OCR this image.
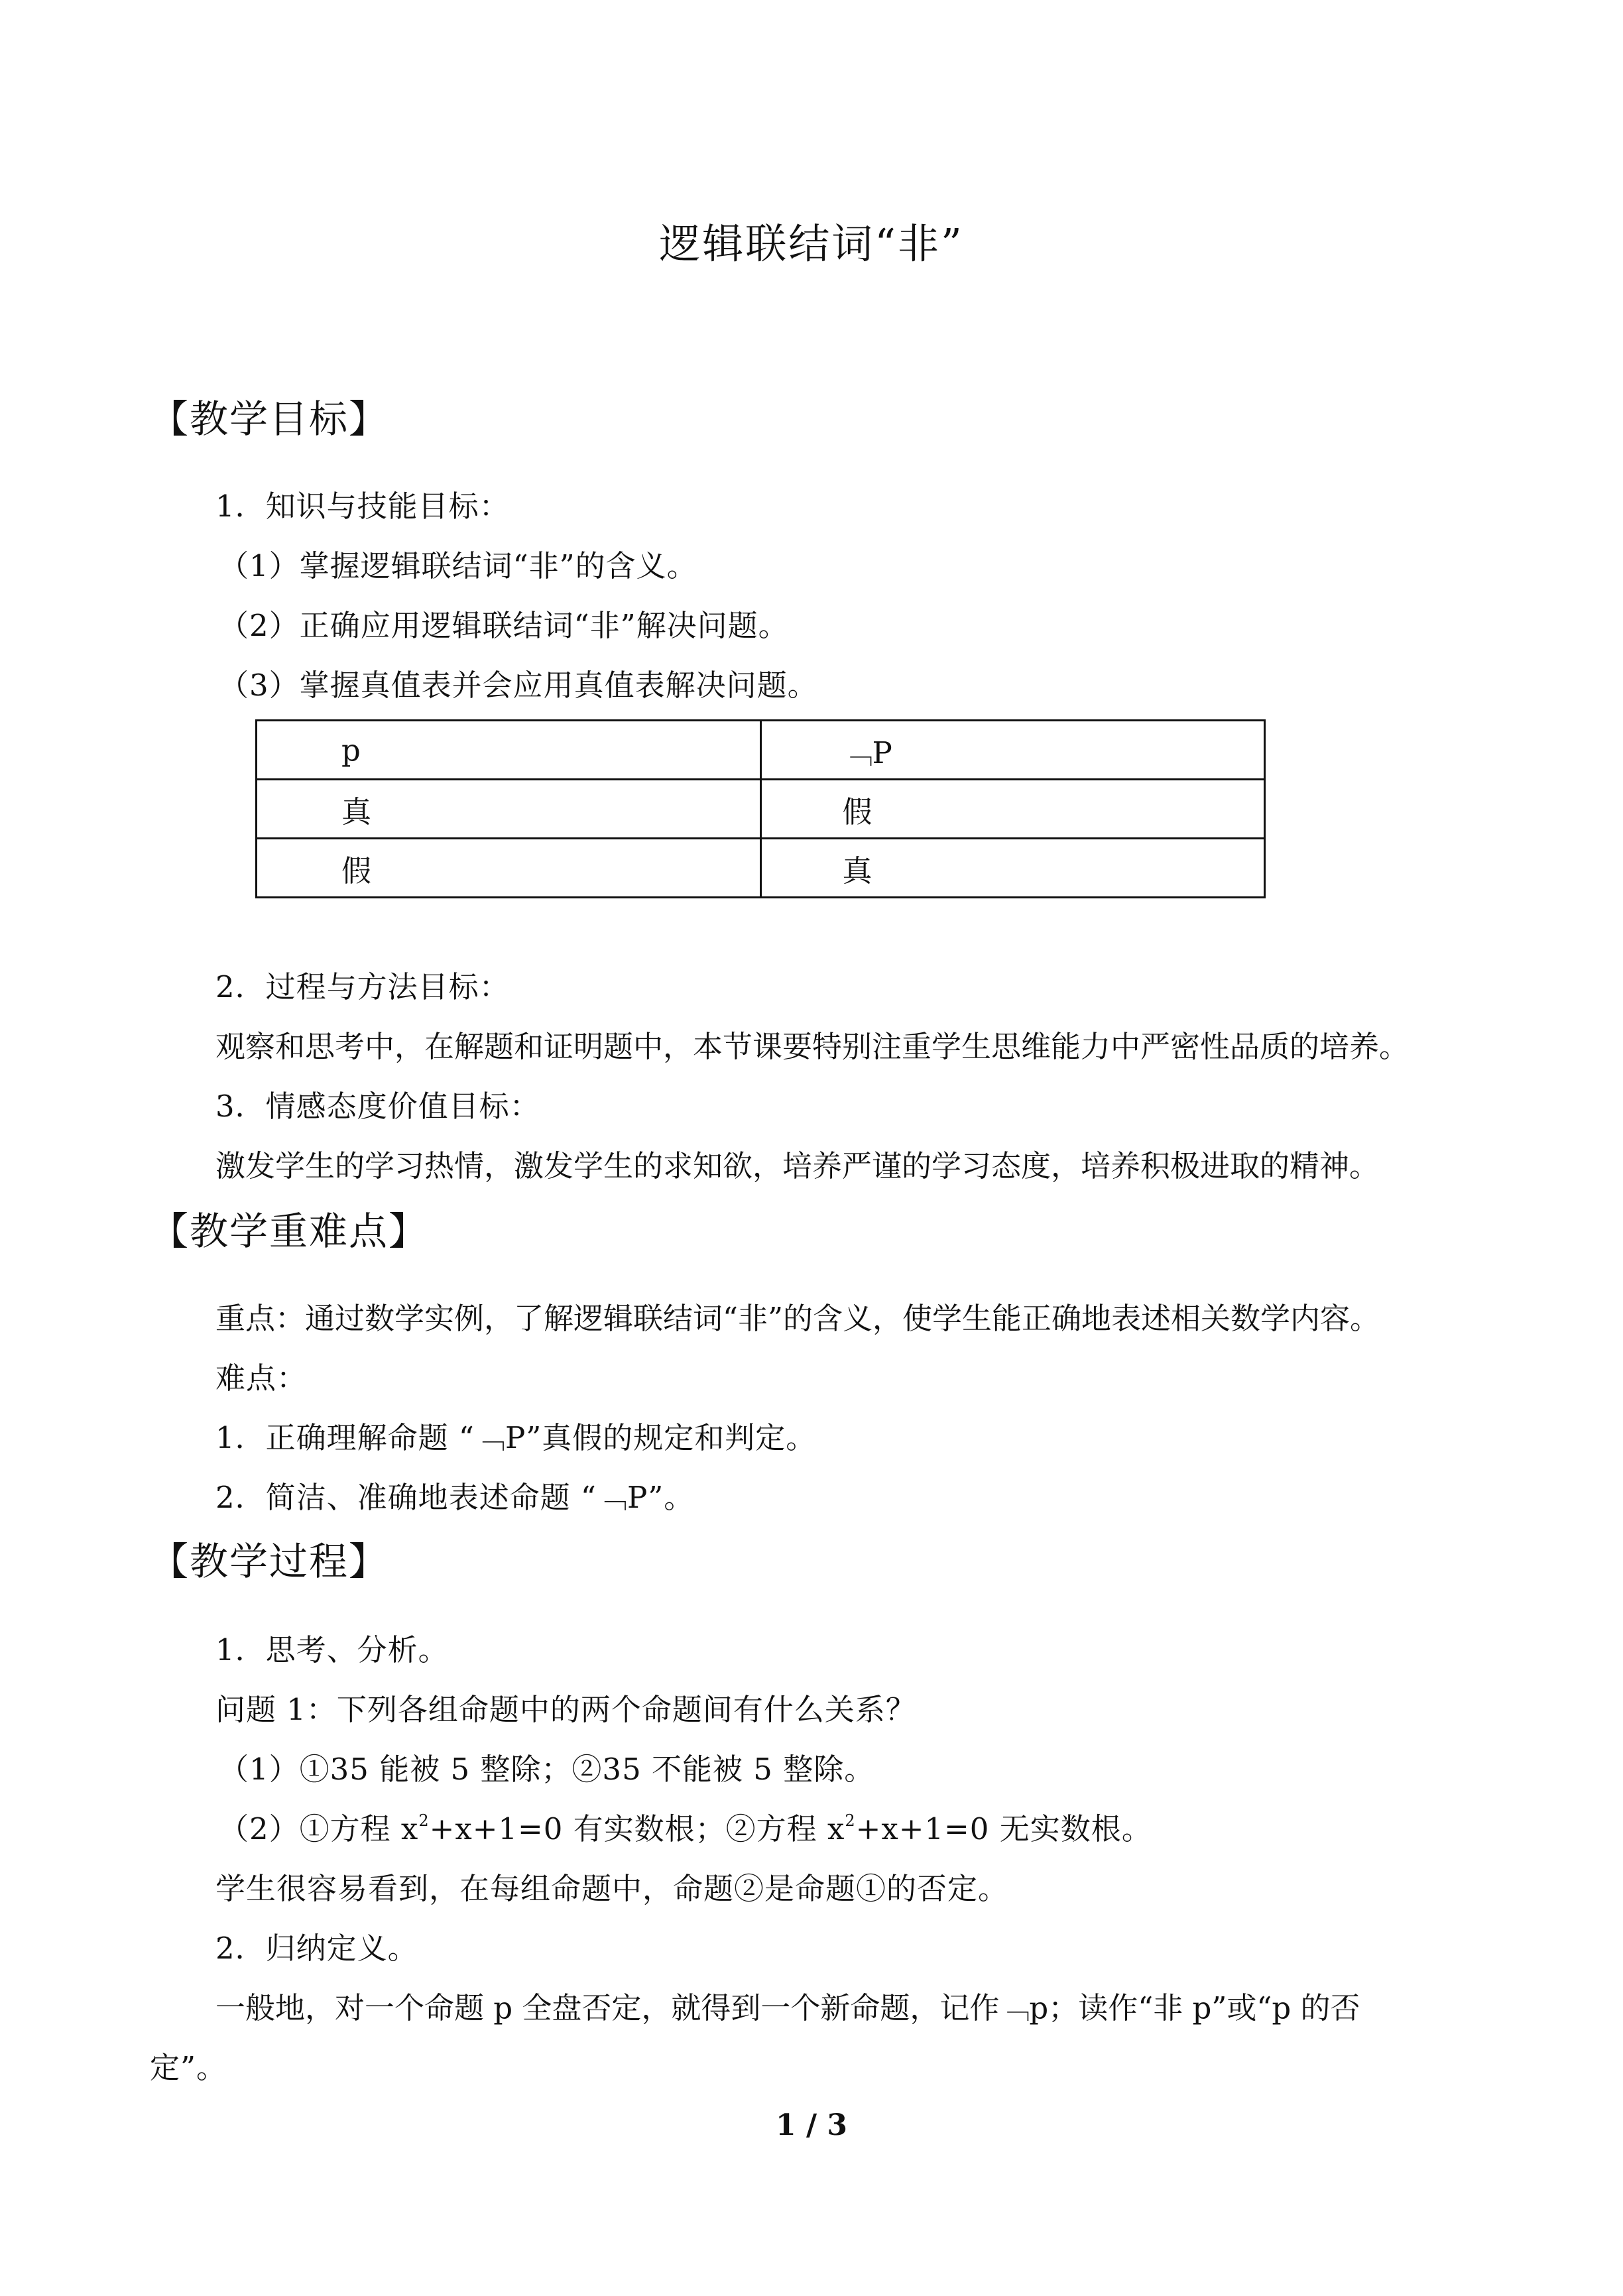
逻辑联结词“非”
【教学目标】
1．知识与技能目标：
（1）掌握逻辑联结词“非”的含义。
（2）正确应用逻辑联结词“非”解决问题。
（3）掌握真值表并会应用真值表解决问题。
p	﹁P
真	假
假	真
2．过程与方法目标：
观察和思考中，在解题和证明题中，本节课要特别注重学生思维能力中严密性品质的培养。
3．情感态度价值目标：
激发学生的学习热情，激发学生的求知欲，培养严谨的学习态度，培养积极进取的精神。
【教学重难点】
重点：通过数学实例，了解逻辑联结词“非”的含义，使学生能正确地表述相关数学内容。
难点：
1．正确理解命题 “﹁P”真假的规定和判定。
2．简洁、准确地表述命题 “﹁P”。
【教学过程】
1．思考、分析。
问题 1：下列各组命题中的两个命题间有什么关系？
（1）①35 能被 5 整除；②35 不能被 5 整除。
（2）①方程 $x^2+x+1=0$ 有实数根；②方程 $x^2+x+1=0$ 无实数根。
学生很容易看到，在每组命题中，命题②是命题①的否定。
2．归纳定义。
一般地，对一个命题 p 全盘否定，就得到一个新命题，记作﹁p；读作“非 p”或“p 的否
定”。
1 / 3
